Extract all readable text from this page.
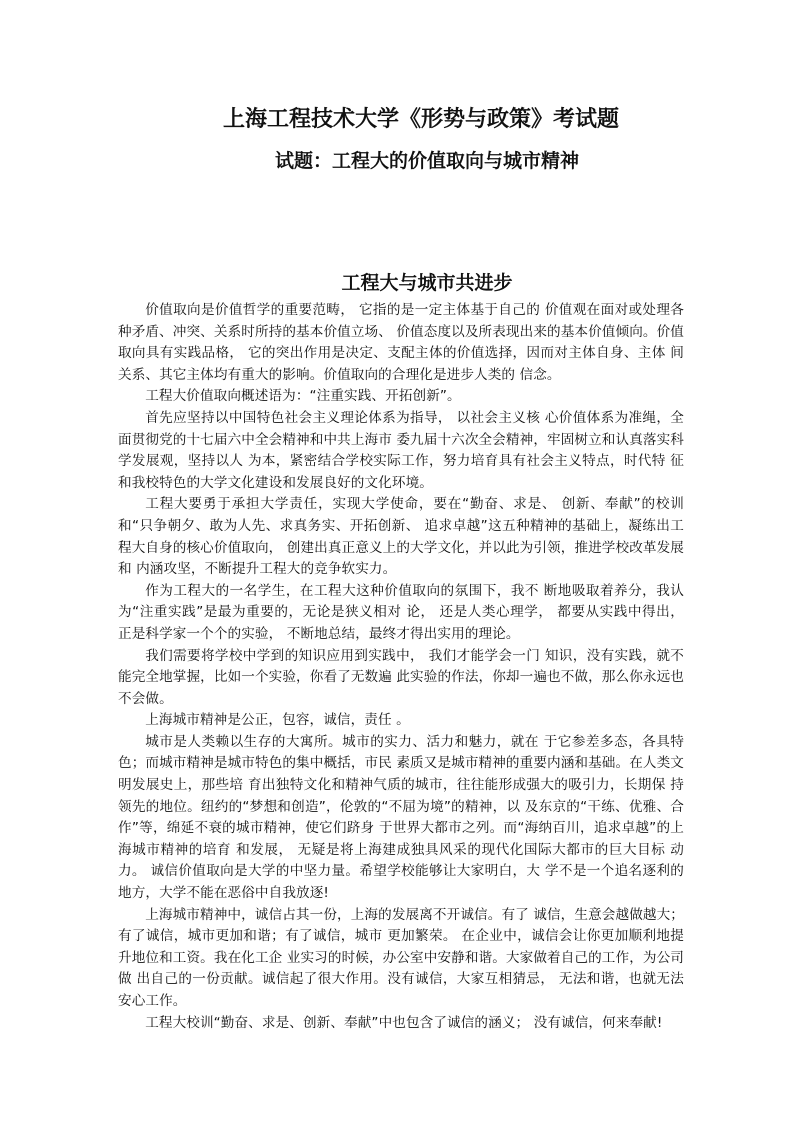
上海工程技术大学《形势与政策》考试题
试题：工程大的价值取向与城市精神
工程大与城市共进步

价值取向是价值哲学的重要范畴， 它指的是一定主体基于自己的 价值观在面对或处理各种矛盾、冲突、关系时所持的基本价值立场、 价值态度以及所表现出来的基本价值倾向。价值取向具有实践品格， 它的突出作用是决定、支配主体的价值选择，因而对主体自身、主体 间关系、其它主体均有重大的影响。价值取向的合理化是进步人类的 信念。

工程大价值取向概述语为：“注重实践、开拓创新”。

首先应坚持以中国特色社会主义理论体系为指导， 以社会主义核 心价值体系为准绳，全面贯彻党的十七届六中全会精神和中共上海市 委九届十六次全会精神，牢固树立和认真落实科学发展观，坚持以人 为本，紧密结合学校实际工作，努力培育具有社会主义特点，时代特 征和我校特色的大学文化建设和发展良好的文化环境。

工程大要勇于承担大学责任，实现大学使命，要在“勤奋、求是、 创新、奉献”的校训和“只争朝夕、敢为人先、求真务实、开拓创新、 追求卓越”这五种精神的基础上，凝练出工程大自身的核心价值取向， 创建出真正意义上的大学文化，并以此为引领，推进学校改革发展和 内涵攻坚，不断提升工程大的竞争软实力。

作为工程大的一名学生，在工程大这种价值取向的氛围下，我不 断地吸取着养分，我认为“注重实践”是最为重要的，无论是狭义相对 论， 还是人类心理学， 都要从实践中得出， 正是科学家一个个的实验， 不断地总结，最终才得出实用的理论。

我们需要将学校中学到的知识应用到实践中， 我们才能学会一门 知识，没有实践，就不能完全地掌握，比如一个实验，你看了无数遍 此实验的作法，你却一遍也不做，那么你永远也不会做。

上海城市精神是公正，包容，诚信，责任 。

城市是人类赖以生存的大寓所。城市的实力、活力和魅力，就在 于它参差多态，各具特色；而城市精神是城市特色的集中概括，市民 素质又是城市精神的重要内涵和基础。在人类文明发展史上，那些培 育出独特文化和精神气质的城市，往往能形成强大的吸引力，长期保 持领先的地位。纽约的“梦想和创造”，伦敦的“不屈为境”的精神，以 及东京的“干练、优雅、合作”等，绵延不衰的城市精神，使它们跻身 于世界大都市之列。而“海纳百川，追求卓越”的上海城市精神的培育 和发展， 无疑是将上海建成独具风采的现代化国际大都市的巨大目标 动力。 诚信价值取向是大学的中坚力量。希望学校能够让大家明白，大 学不是一个追名逐利的地方，大学不能在恶俗中自我放逐!

上海城市精神中，诚信占其一份，上海的发展离不开诚信。有了 诚信，生意会越做越大；有了诚信，城市更加和谐；有了诚信，城市 更加繁荣。 在企业中，诚信会让你更加顺利地提升地位和工资。我在化工企 业实习的时候，办公室中安静和谐。大家做着自己的工作，为公司做 出自己的一份贡献。诚信起了很大作用。没有诚信，大家互相猜忌， 无法和谐，也就无法安心工作。

工程大校训“勤奋、求是、创新、奉献”中也包含了诚信的涵义； 没有诚信，何来奉献!
